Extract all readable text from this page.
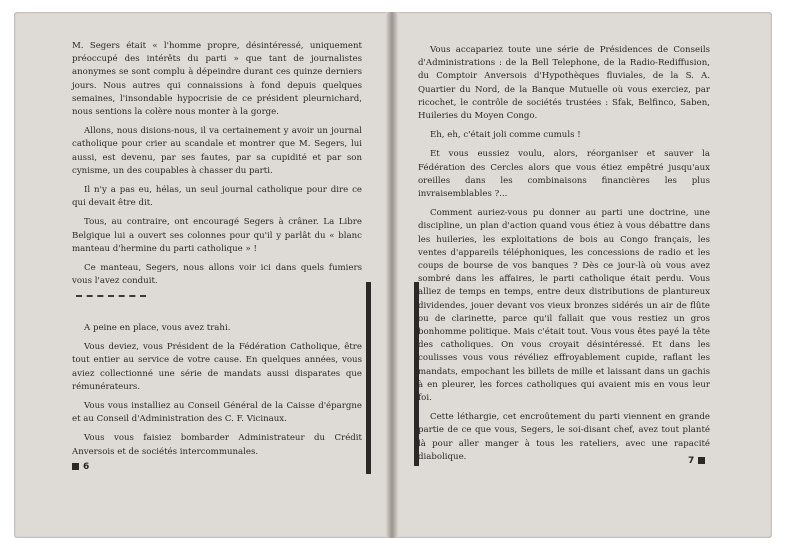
M. Segers était « l'homme propre, désintéressé, uniquement préoccupé des intérêts du parti » que tant de journalistes anonymes se sont complu à dépeindre durant ces quinze derniers jours. Nous autres qui connaissions à fond depuis quelques semaines, l'insondable hypocrisie de ce président pleurnichard, nous sentions la colère nous monter à la gorge.

Allons, nous disions-nous, il va certainement y avoir un journal catholique pour crier au scandale et montrer que M. Segers, lui aussi, est devenu, par ses fautes, par sa cupidité et par son cynisme, un des coupables à chasser du parti.

Il n'y a pas eu, hélas, un seul journal catholique pour dire ce qui devait être dit.

Tous, au contraire, ont encouragé Segers à crâner. La Libre Belgique lui a ouvert ses colonnes pour qu'il y parlât du « blanc manteau d'hermine du parti catholique » !

Ce manteau, Segers, nous allons voir ici dans quels fumiers vous l'avez conduit.

A peine en place, vous avez trahi.

Vous deviez, vous Président de la Fédération Catholique, être tout entier au service de votre cause. En quelques années, vous aviez collectionné une série de mandats aussi disparates que rémunérateurs.

Vous vous installiez au Conseil Général de la Caisse d'épargne et au Conseil d'Administration des C. F. Vicinaux.

Vous vous faisiez bombarder Administrateur du Crédit Anversois et de sociétés intercommunales.

6

Vous accapariez toute une série de Présidences de Conseils d'Administrations : de la Bell Telephone, de la Radio-Rediffusion, du Comptoir Anversois d'Hypothèques fluviales, de la S. A. Quartier du Nord, de la Banque Mutuelle où vous exerciez, par ricochet, le contrôle de sociétés trustées : Sfak, Belfinco, Saben, Huileries du Moyen Congo.

Eh, eh, c'était joli comme cumuls !

Et vous eussiez voulu, alors, réorganiser et sauver la Fédération des Cercles alors que vous étiez empêtré jusqu'aux oreilles dans les combinaisons financières les plus invraisemblables ?...

Comment auriez-vous pu donner au parti une doctrine, une discipline, un plan d'action quand vous étiez à vous débattre dans les huileries, les exploitations de bois au Congo français, les ventes d'appareils téléphoniques, les concessions de radio et les coups de bourse de vos banques ? Dès ce jour-là où vous avez sombré dans les affaires, le parti catholique était perdu. Vous alliez de temps en temps, entre deux distributions de plantureux dividendes, jouer devant vos vieux bronzes sidérés un air de flûte ou de clarinette, parce qu'il fallait que vous restiez un gros bonhomme politique. Mais c'était tout. Vous vous êtes payé la tête des catholiques. On vous croyait désintéressé. Et dans les coulisses vous vous révéliez effroyablement cupide, raflant les mandats, empochant les billets de mille et laissant dans un gachis à en pleurer, les forces catholiques qui avaient mis en vous leur foi.

Cette léthargie, cet encroûtement du parti viennent en grande partie de ce que vous, Segers, le soi-disant chef, avez tout planté là pour aller manger à tous les rateliers, avec une rapacité diabolique.	7
